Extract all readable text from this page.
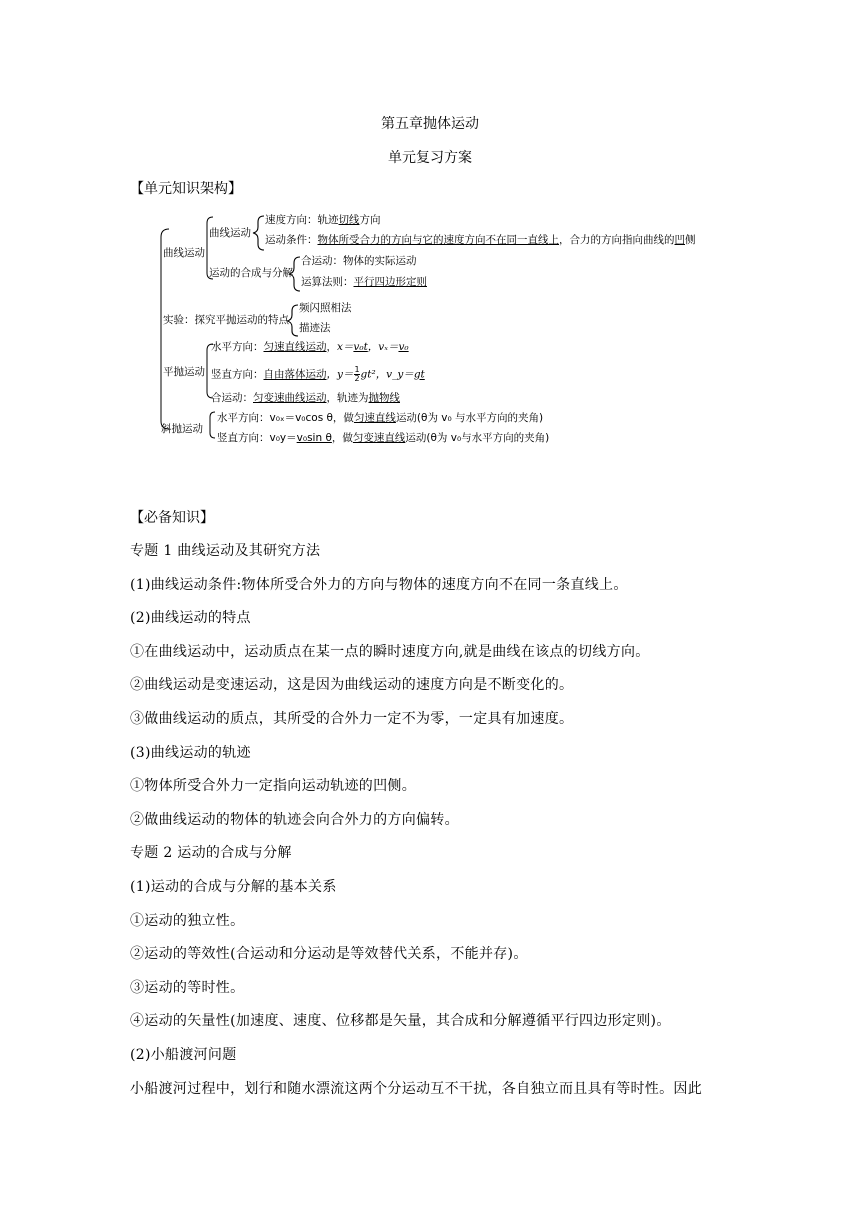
第五章抛体运动
单元复习方案
【单元知识架构】
曲线运动
曲线运动
速度方向：轨迹切线方向
运动条件：物体所受合力的方向与它的速度方向不在同一直线上，合力的方向指向曲线的凹侧
运动的合成与分解
合运动：物体的实际运动
运算法则：平行四边形定则
实验：探究平抛运动的特点
频闪照相法
描迹法
平抛运动
水平方向：匀速直线运动，x＝v₀t，vₓ＝v₀
竖直方向：自由落体运动，$y= \frac{1}{2} gt^2$，v_y＝gt
合运动：匀变速曲线运动，轨迹为抛物线
斜抛运动
水平方向：v₀ₓ＝v₀cos θ，做匀速直线运动(θ为 v₀ 与水平方向的夹角)
竖直方向：v₀y＝v₀sin θ，做匀变速直线运动(θ为 v₀与水平方向的夹角)
【必备知识】
专题 1 曲线运动及其研究方法
(1)曲线运动条件:物体所受合外力的方向与物体的速度方向不在同一条直线上。
(2)曲线运动的特点
①在曲线运动中，运动质点在某一点的瞬时速度方向,就是曲线在该点的切线方向。
②曲线运动是变速运动，这是因为曲线运动的速度方向是不断变化的。
③做曲线运动的质点，其所受的合外力一定不为零，一定具有加速度。
(3)曲线运动的轨迹
①物体所受合外力一定指向运动轨迹的凹侧。
②做曲线运动的物体的轨迹会向合外力的方向偏转。
专题 2 运动的合成与分解
(1)运动的合成与分解的基本关系
①运动的独立性。
②运动的等效性(合运动和分运动是等效替代关系，不能并存)。
③运动的等时性。
④运动的矢量性(加速度、速度、位移都是矢量，其合成和分解遵循平行四边形定则)。
(2)小船渡河问题
小船渡河过程中，划行和随水漂流这两个分运动互不干扰，各自独立而且具有等时性。因此
